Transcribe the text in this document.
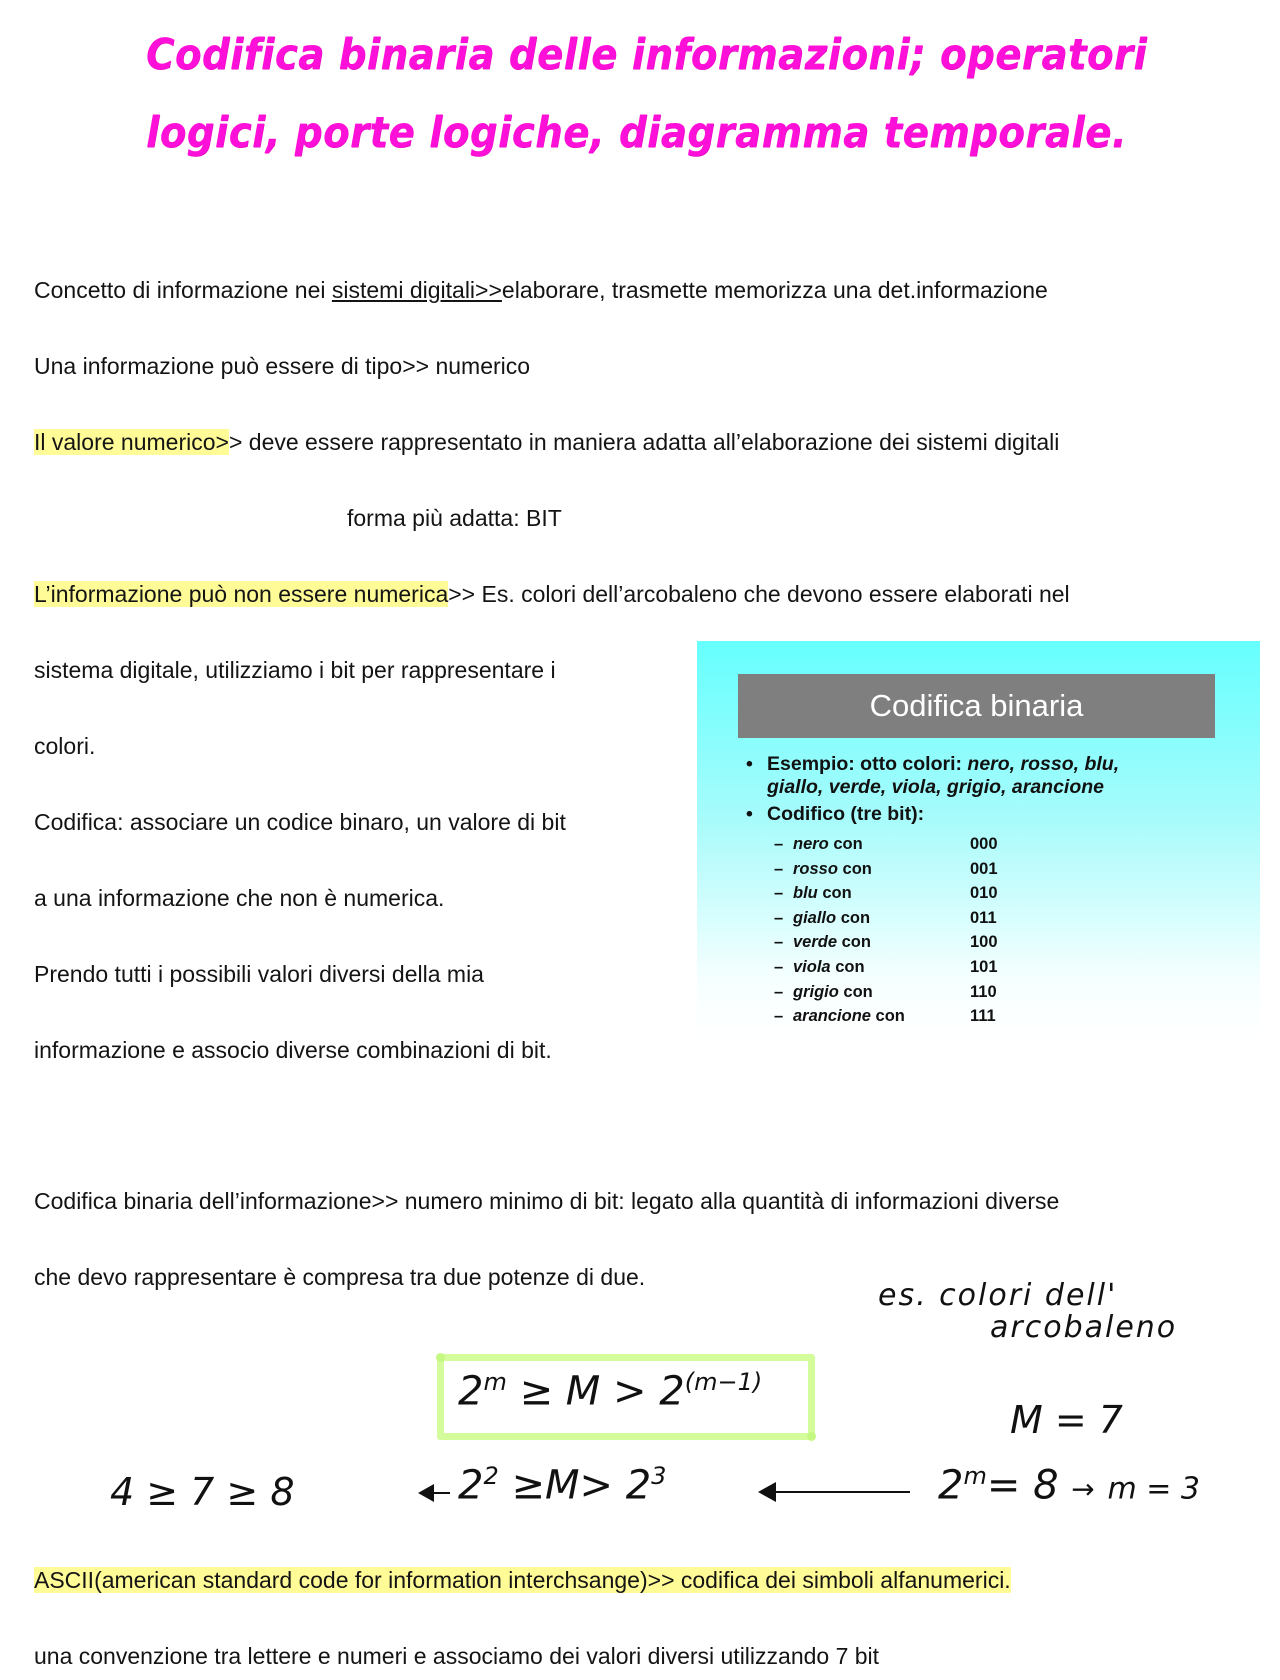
Codifica binaria delle informazioni; operatori
logici, porte logiche, diagramma temporale.
Concetto di informazione nei sistemi digitali>>elaborare, trasmette memorizza una det.informazione
Una informazione può essere di tipo>> numerico
Il valore numerico>> deve essere rappresentato in maniera adatta all’elaborazione dei sistemi digitali
forma più adatta: BIT
L’informazione può non essere numerica>> Es. colori dell’arcobaleno che devono essere elaborati nel
sistema digitale, utilizziamo i bit per rappresentare i
colori.
Codifica: associare un codice binaro, un valore di bit
a una informazione che non è numerica.
Prendo tutti i possibili valori diversi della mia
informazione e associo diverse combinazioni di bit.
Codifica binaria dell’informazione>> numero minimo di bit: legato alla quantità di informazioni diverse
che devo rappresentare è compresa tra due potenze di due.
ASCII(american standard code for information interchsange)>> codifica dei simboli alfanumerici.
una convenzione tra lettere e numeri e associamo dei valori diversi utilizzando 7 bit
Codifica binaria
• Esempio: otto colori: nero, rosso, blu,
giallo, verde, viola, grigio, arancione
• Codifico (tre bit):
– nero con	000
– rosso con	001
– blu con	010
– giallo con	011
– verde con	100
– viola con	101
– grigio con	110
– arancione con	111
es. colori dell'
arcobaleno
$2^m \ge M > 2^{(m-1)}$
M = 7
4 ≥ 7 ≥ 8	$2^2 \ge M> 2^3$	$2^m= 8 \to m = 3$
